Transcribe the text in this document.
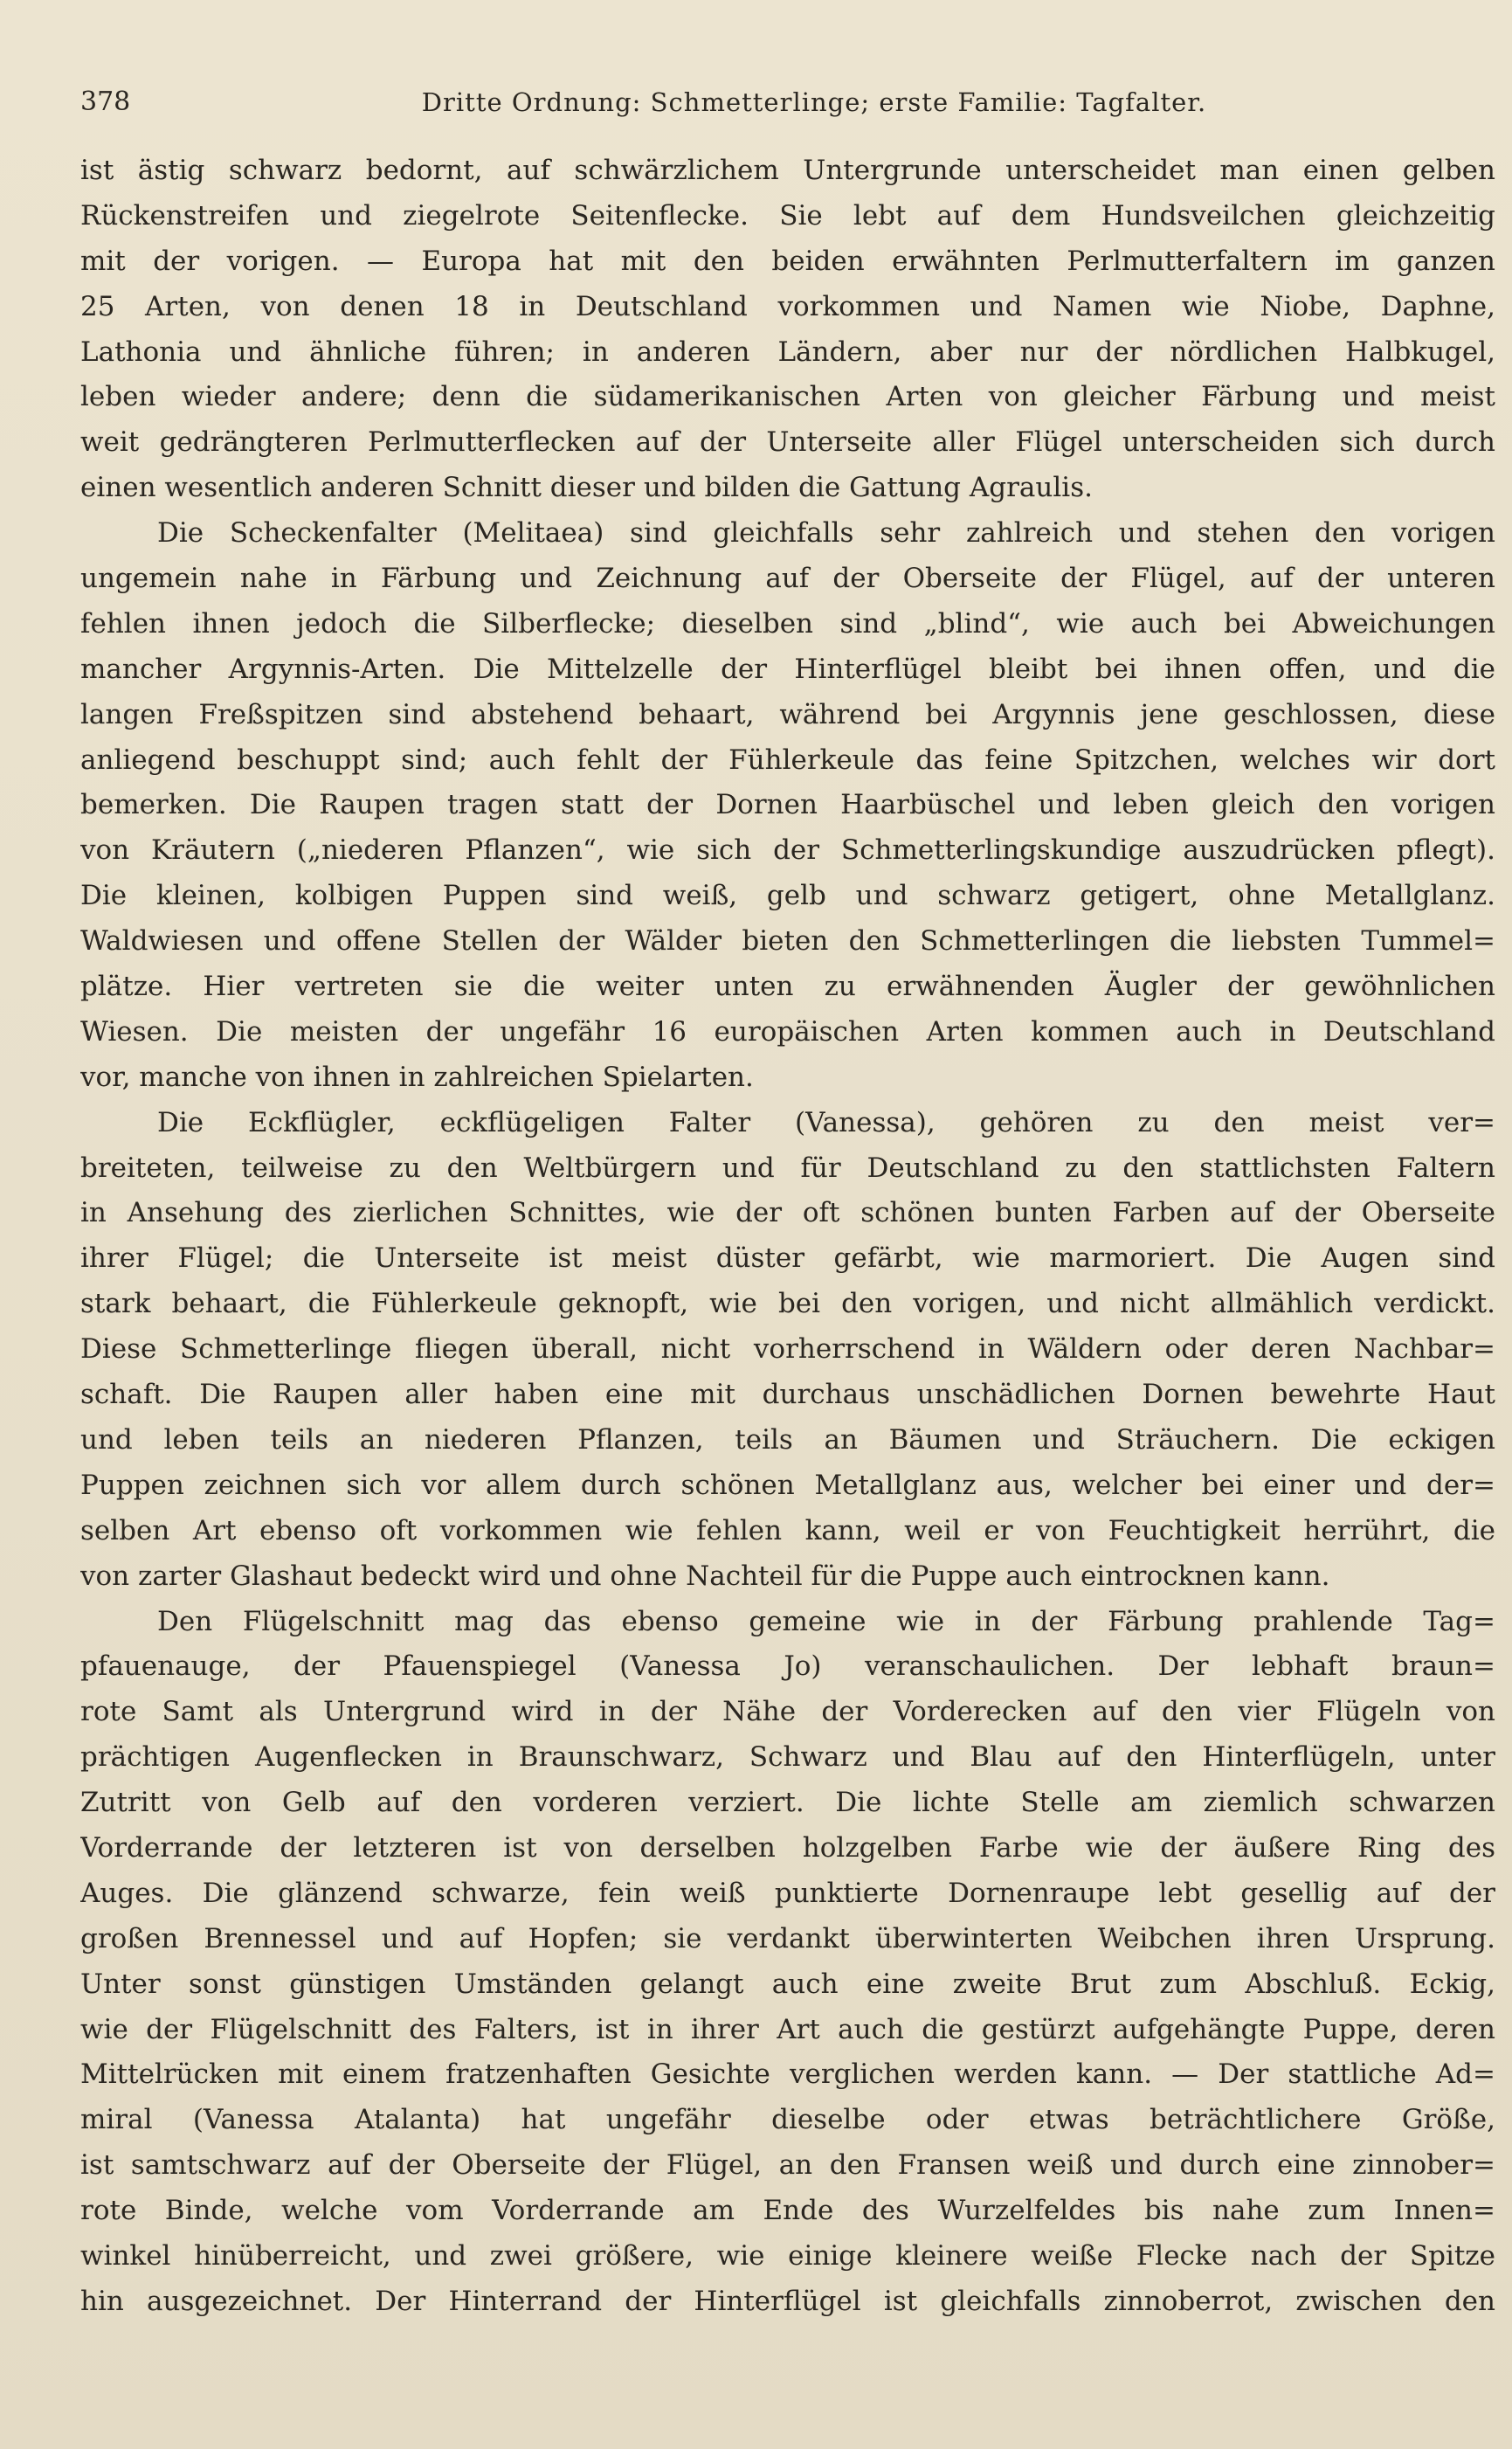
378	Dritte Ordnung: Schmetterlinge; erste Familie: Tagfalter.
ist ästig schwarz bedornt, auf schwärzlichem Untergrunde unterscheidet man einen gelben
Rückenstreifen und ziegelrote Seitenflecke. Sie lebt auf dem Hundsveilchen gleichzeitig
mit der vorigen. — Europa hat mit den beiden erwähnten Perlmutterfaltern im ganzen
25 Arten, von denen 18 in Deutschland vorkommen und Namen wie Niobe, Daphne,
Lathonia und ähnliche führen; in anderen Ländern, aber nur der nördlichen Halbkugel,
leben wieder andere; denn die südamerikanischen Arten von gleicher Färbung und meist
weit gedrängteren Perlmutterflecken auf der Unterseite aller Flügel unterscheiden sich durch
einen wesentlich anderen Schnitt dieser und bilden die Gattung Agraulis.
Die Scheckenfalter (Melitaea) sind gleichfalls sehr zahlreich und stehen den vorigen
ungemein nahe in Färbung und Zeichnung auf der Oberseite der Flügel, auf der unteren
fehlen ihnen jedoch die Silberflecke; dieselben sind „blind“, wie auch bei Abweichungen
mancher Argynnis-Arten. Die Mittelzelle der Hinterflügel bleibt bei ihnen offen, und die
langen Freßspitzen sind abstehend behaart, während bei Argynnis jene geschlossen, diese
anliegend beschuppt sind; auch fehlt der Fühlerkeule das feine Spitzchen, welches wir dort
bemerken. Die Raupen tragen statt der Dornen Haarbüschel und leben gleich den vorigen
von Kräutern („niederen Pflanzen“, wie sich der Schmetterlingskundige auszudrücken pflegt).
Die kleinen, kolbigen Puppen sind weiß, gelb und schwarz getigert, ohne Metallglanz.
Waldwiesen und offene Stellen der Wälder bieten den Schmetterlingen die liebsten Tummel=
plätze. Hier vertreten sie die weiter unten zu erwähnenden Äugler der gewöhnlichen
Wiesen. Die meisten der ungefähr 16 europäischen Arten kommen auch in Deutschland
vor, manche von ihnen in zahlreichen Spielarten.
Die Eckflügler, eckflügeligen Falter (Vanessa), gehören zu den meist ver=
breiteten, teilweise zu den Weltbürgern und für Deutschland zu den stattlichsten Faltern
in Ansehung des zierlichen Schnittes, wie der oft schönen bunten Farben auf der Oberseite
ihrer Flügel; die Unterseite ist meist düster gefärbt, wie marmoriert. Die Augen sind
stark behaart, die Fühlerkeule geknopft, wie bei den vorigen, und nicht allmählich verdickt.
Diese Schmetterlinge fliegen überall, nicht vorherrschend in Wäldern oder deren Nachbar=
schaft. Die Raupen aller haben eine mit durchaus unschädlichen Dornen bewehrte Haut
und leben teils an niederen Pflanzen, teils an Bäumen und Sträuchern. Die eckigen
Puppen zeichnen sich vor allem durch schönen Metallglanz aus, welcher bei einer und der=
selben Art ebenso oft vorkommen wie fehlen kann, weil er von Feuchtigkeit herrührt, die
von zarter Glashaut bedeckt wird und ohne Nachteil für die Puppe auch eintrocknen kann.
Den Flügelschnitt mag das ebenso gemeine wie in der Färbung prahlende Tag=
pfauenauge, der Pfauenspiegel (Vanessa Jo) veranschaulichen. Der lebhaft braun=
rote Samt als Untergrund wird in der Nähe der Vorderecken auf den vier Flügeln von
prächtigen Augenflecken in Braunschwarz, Schwarz und Blau auf den Hinterflügeln, unter
Zutritt von Gelb auf den vorderen verziert. Die lichte Stelle am ziemlich schwarzen
Vorderrande der letzteren ist von derselben holzgelben Farbe wie der äußere Ring des
Auges. Die glänzend schwarze, fein weiß punktierte Dornenraupe lebt gesellig auf der
großen Brennessel und auf Hopfen; sie verdankt überwinterten Weibchen ihren Ursprung.
Unter sonst günstigen Umständen gelangt auch eine zweite Brut zum Abschluß. Eckig,
wie der Flügelschnitt des Falters, ist in ihrer Art auch die gestürzt aufgehängte Puppe, deren
Mittelrücken mit einem fratzenhaften Gesichte verglichen werden kann. — Der stattliche Ad=
miral (Vanessa Atalanta) hat ungefähr dieselbe oder etwas beträchtlichere Größe,
ist samtschwarz auf der Oberseite der Flügel, an den Fransen weiß und durch eine zinnober=
rote Binde, welche vom Vorderrande am Ende des Wurzelfeldes bis nahe zum Innen=
winkel hinüberreicht, und zwei größere, wie einige kleinere weiße Flecke nach der Spitze
hin ausgezeichnet. Der Hinterrand der Hinterflügel ist gleichfalls zinnoberrot, zwischen den
